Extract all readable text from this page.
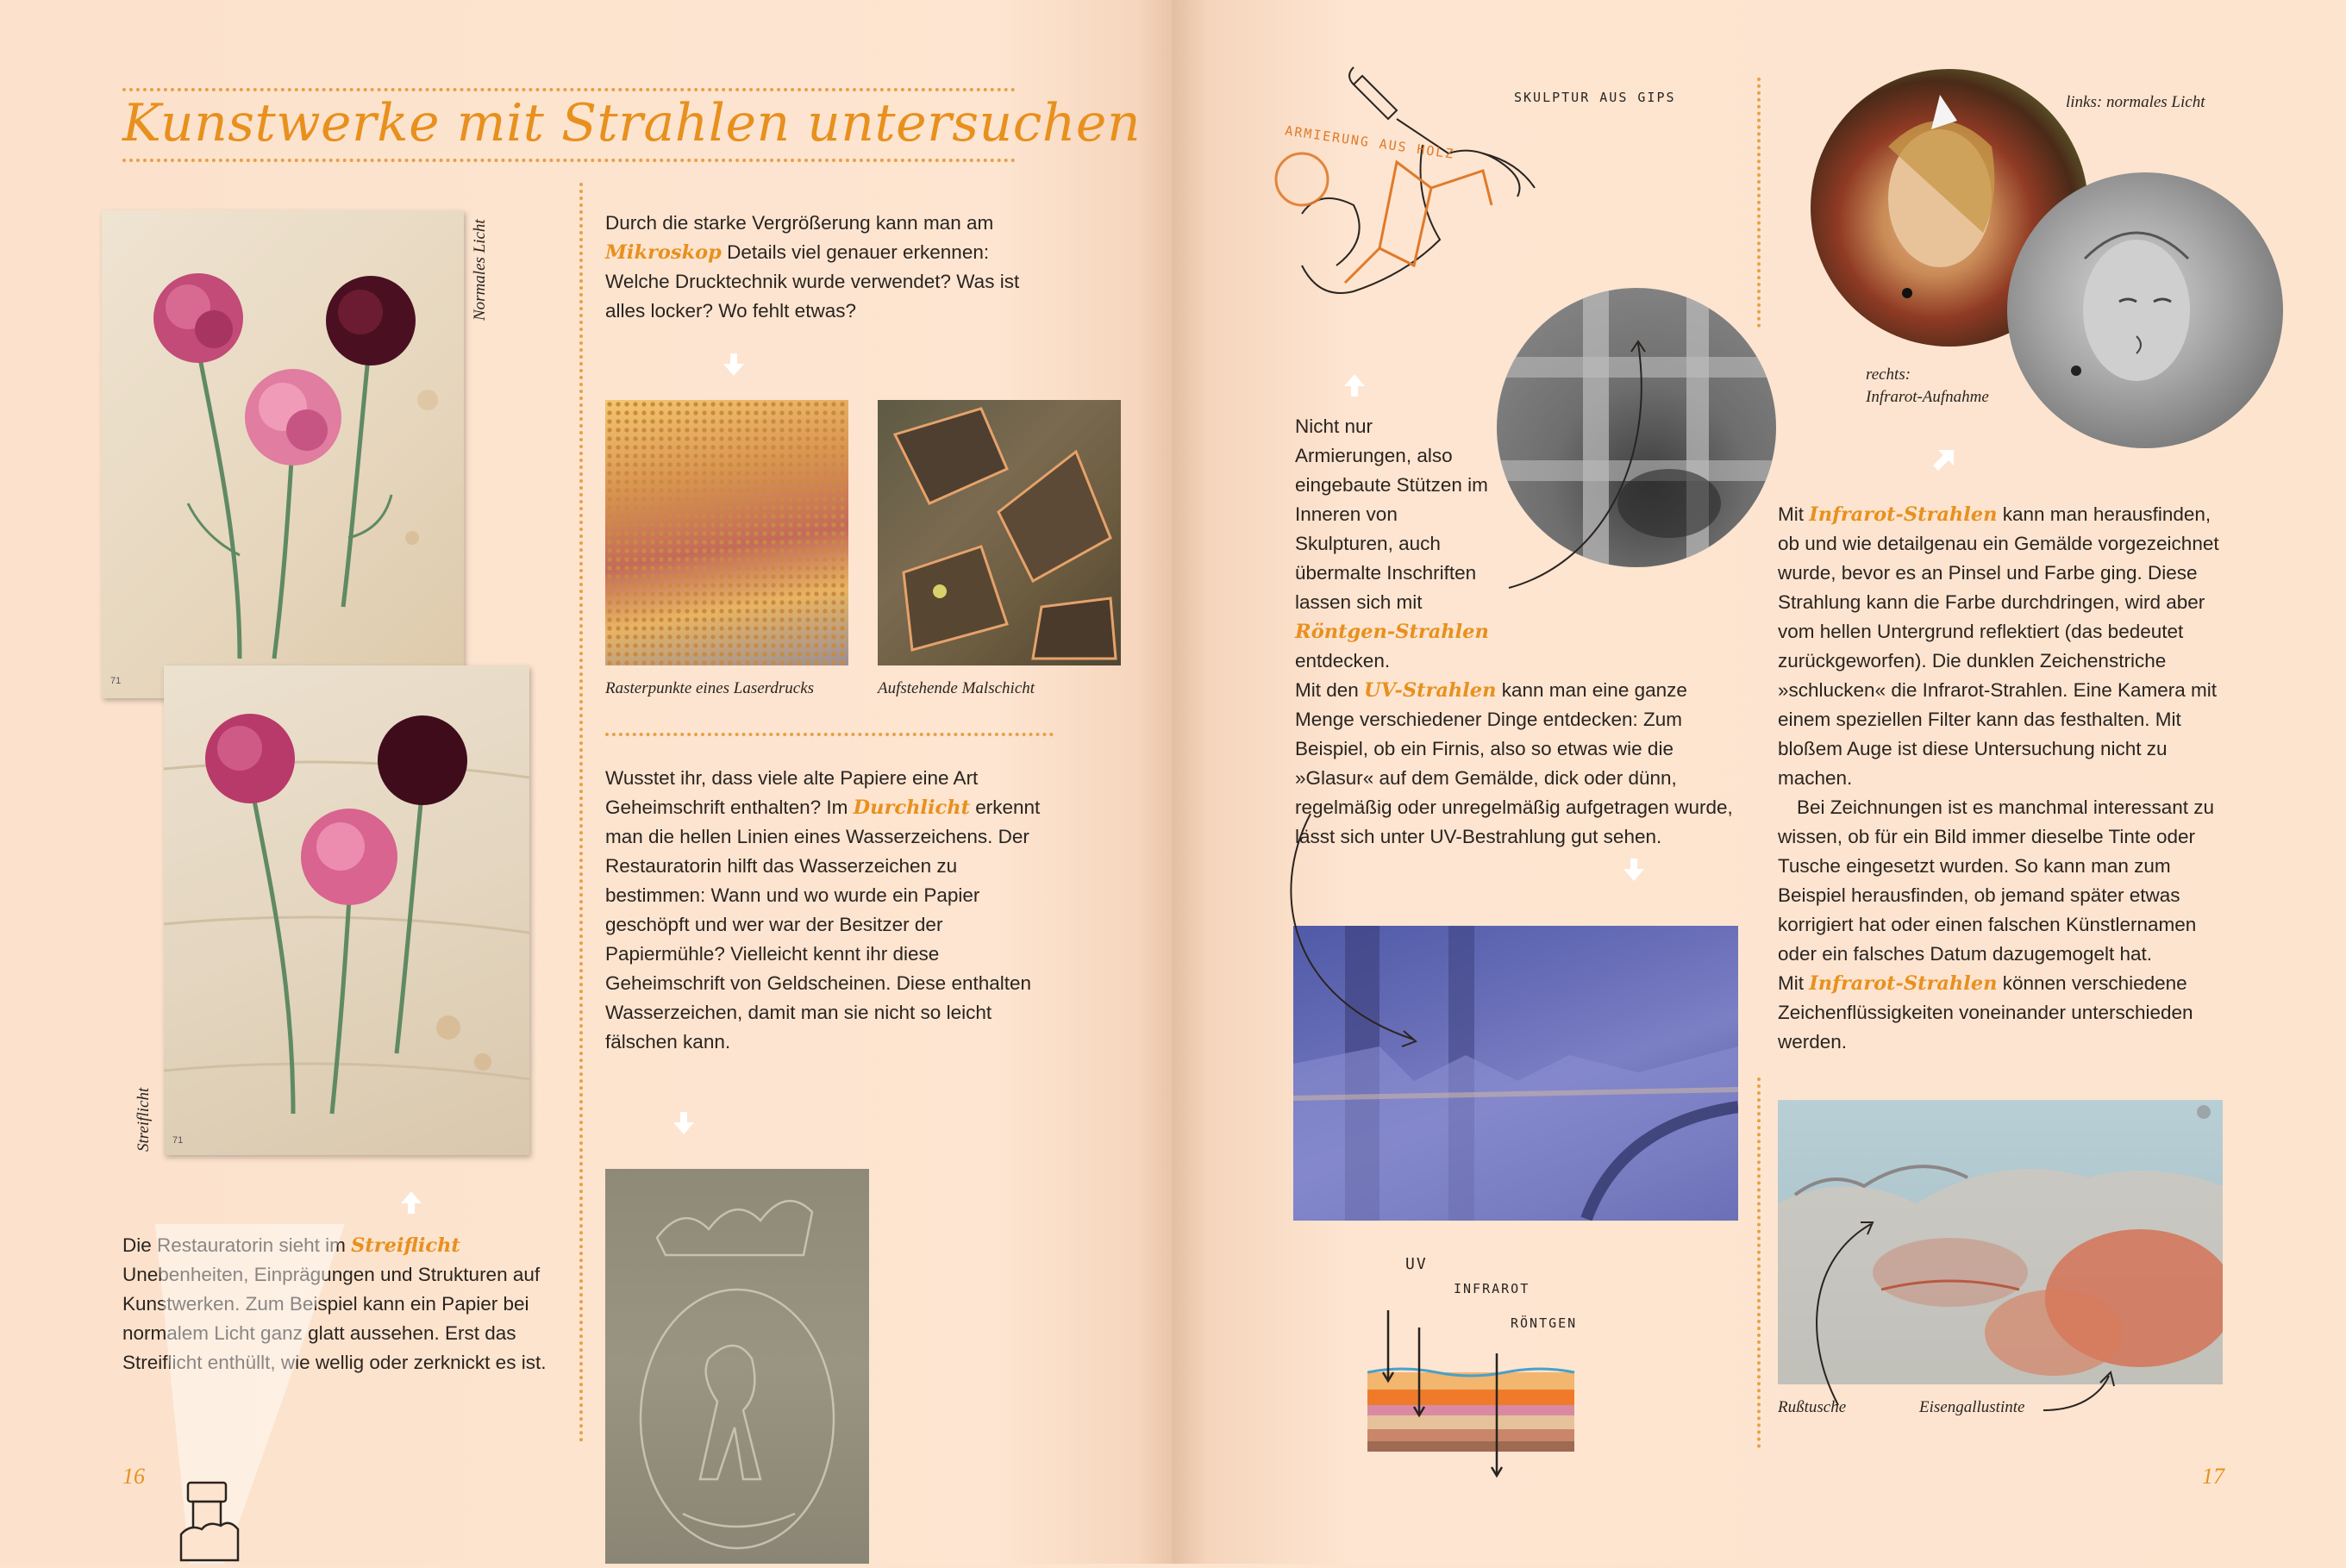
Kunstwerke mit Strahlen untersuchen
71
Normales Licht
71
Streiflicht
Die Restauratorin sieht im Streiflicht Unebenheiten, Einprägungen und Strukturen auf Kunstwerken. Zum Beispiel kann ein Papier bei normalem Licht ganz glatt aussehen. Erst das Streiflicht enthüllt, wie wellig oder zerknickt es ist.
16
Durch die starke Vergrößerung kann man am Mikroskop Details viel genauer erkennen: Welche Drucktechnik wurde verwendet? Was ist alles locker? Wo fehlt etwas?
Rasterpunkte eines Laserdrucks	Aufstehende Malschicht
Wusstet ihr, dass viele alte Papiere eine Art Geheimschrift enthalten? Im Durchlicht erkennt man die hellen Linien eines Wasserzeichens. Der Restauratorin hilft das Wasserzeichen zu bestimmen: Wann und wo wurde ein Papier geschöpft und wer war der Besitzer der Papiermühle? Vielleicht kennt ihr diese Geheimschrift von Geldscheinen. Diese enthalten Wasserzeichen, damit man sie nicht so leicht fälschen kann.
SKULPTUR AUS GIPS
ARMIERUNG AUS HOLZ
Nicht nur Armierungen, also eingebaute Stützen im Inneren von Skulpturen, auch übermalte Inschriften lassen sich mit Röntgen-Strahlen entdecken.
Mit den UV-Strahlen kann man eine ganze Menge verschiedener Dinge entdecken: Zum Beispiel, ob ein Firnis, also so etwas wie die »Glasur« auf dem Gemälde, dick oder dünn, regelmäßig oder unregelmäßig aufgetragen wurde, lässt sich unter UV-Bestrahlung gut sehen.
UV
INFRAROT
RÖNTGEN
links: normales Licht
rechts:
Infrarot-Aufnahme
Mit Infrarot-Strahlen kann man herausfinden, ob und wie detailgenau ein Gemälde vorgezeichnet wurde, bevor es an Pinsel und Farbe ging. Diese Strahlung kann die Farbe durchdringen, wird aber vom hellen Untergrund reflektiert (das bedeutet zurückgeworfen). Die dunklen Zeichenstriche »schlucken« die Infrarot-Strahlen. Eine Kamera mit einem speziellen Filter kann das festhalten. Mit bloßem Auge ist diese Untersuchung nicht zu machen.
Bei Zeichnungen ist es manchmal interessant zu wissen, ob für ein Bild immer dieselbe Tinte oder Tusche eingesetzt wurden. So kann man zum Beispiel herausfinden, ob jemand später etwas korrigiert hat oder einen falschen Künstlernamen oder ein falsches Datum dazugemogelt hat.
Mit Infrarot-Strahlen können verschiedene Zeichenflüssigkeiten voneinander unterschieden werden.
Rußtusche	Eisengallustinte
17
